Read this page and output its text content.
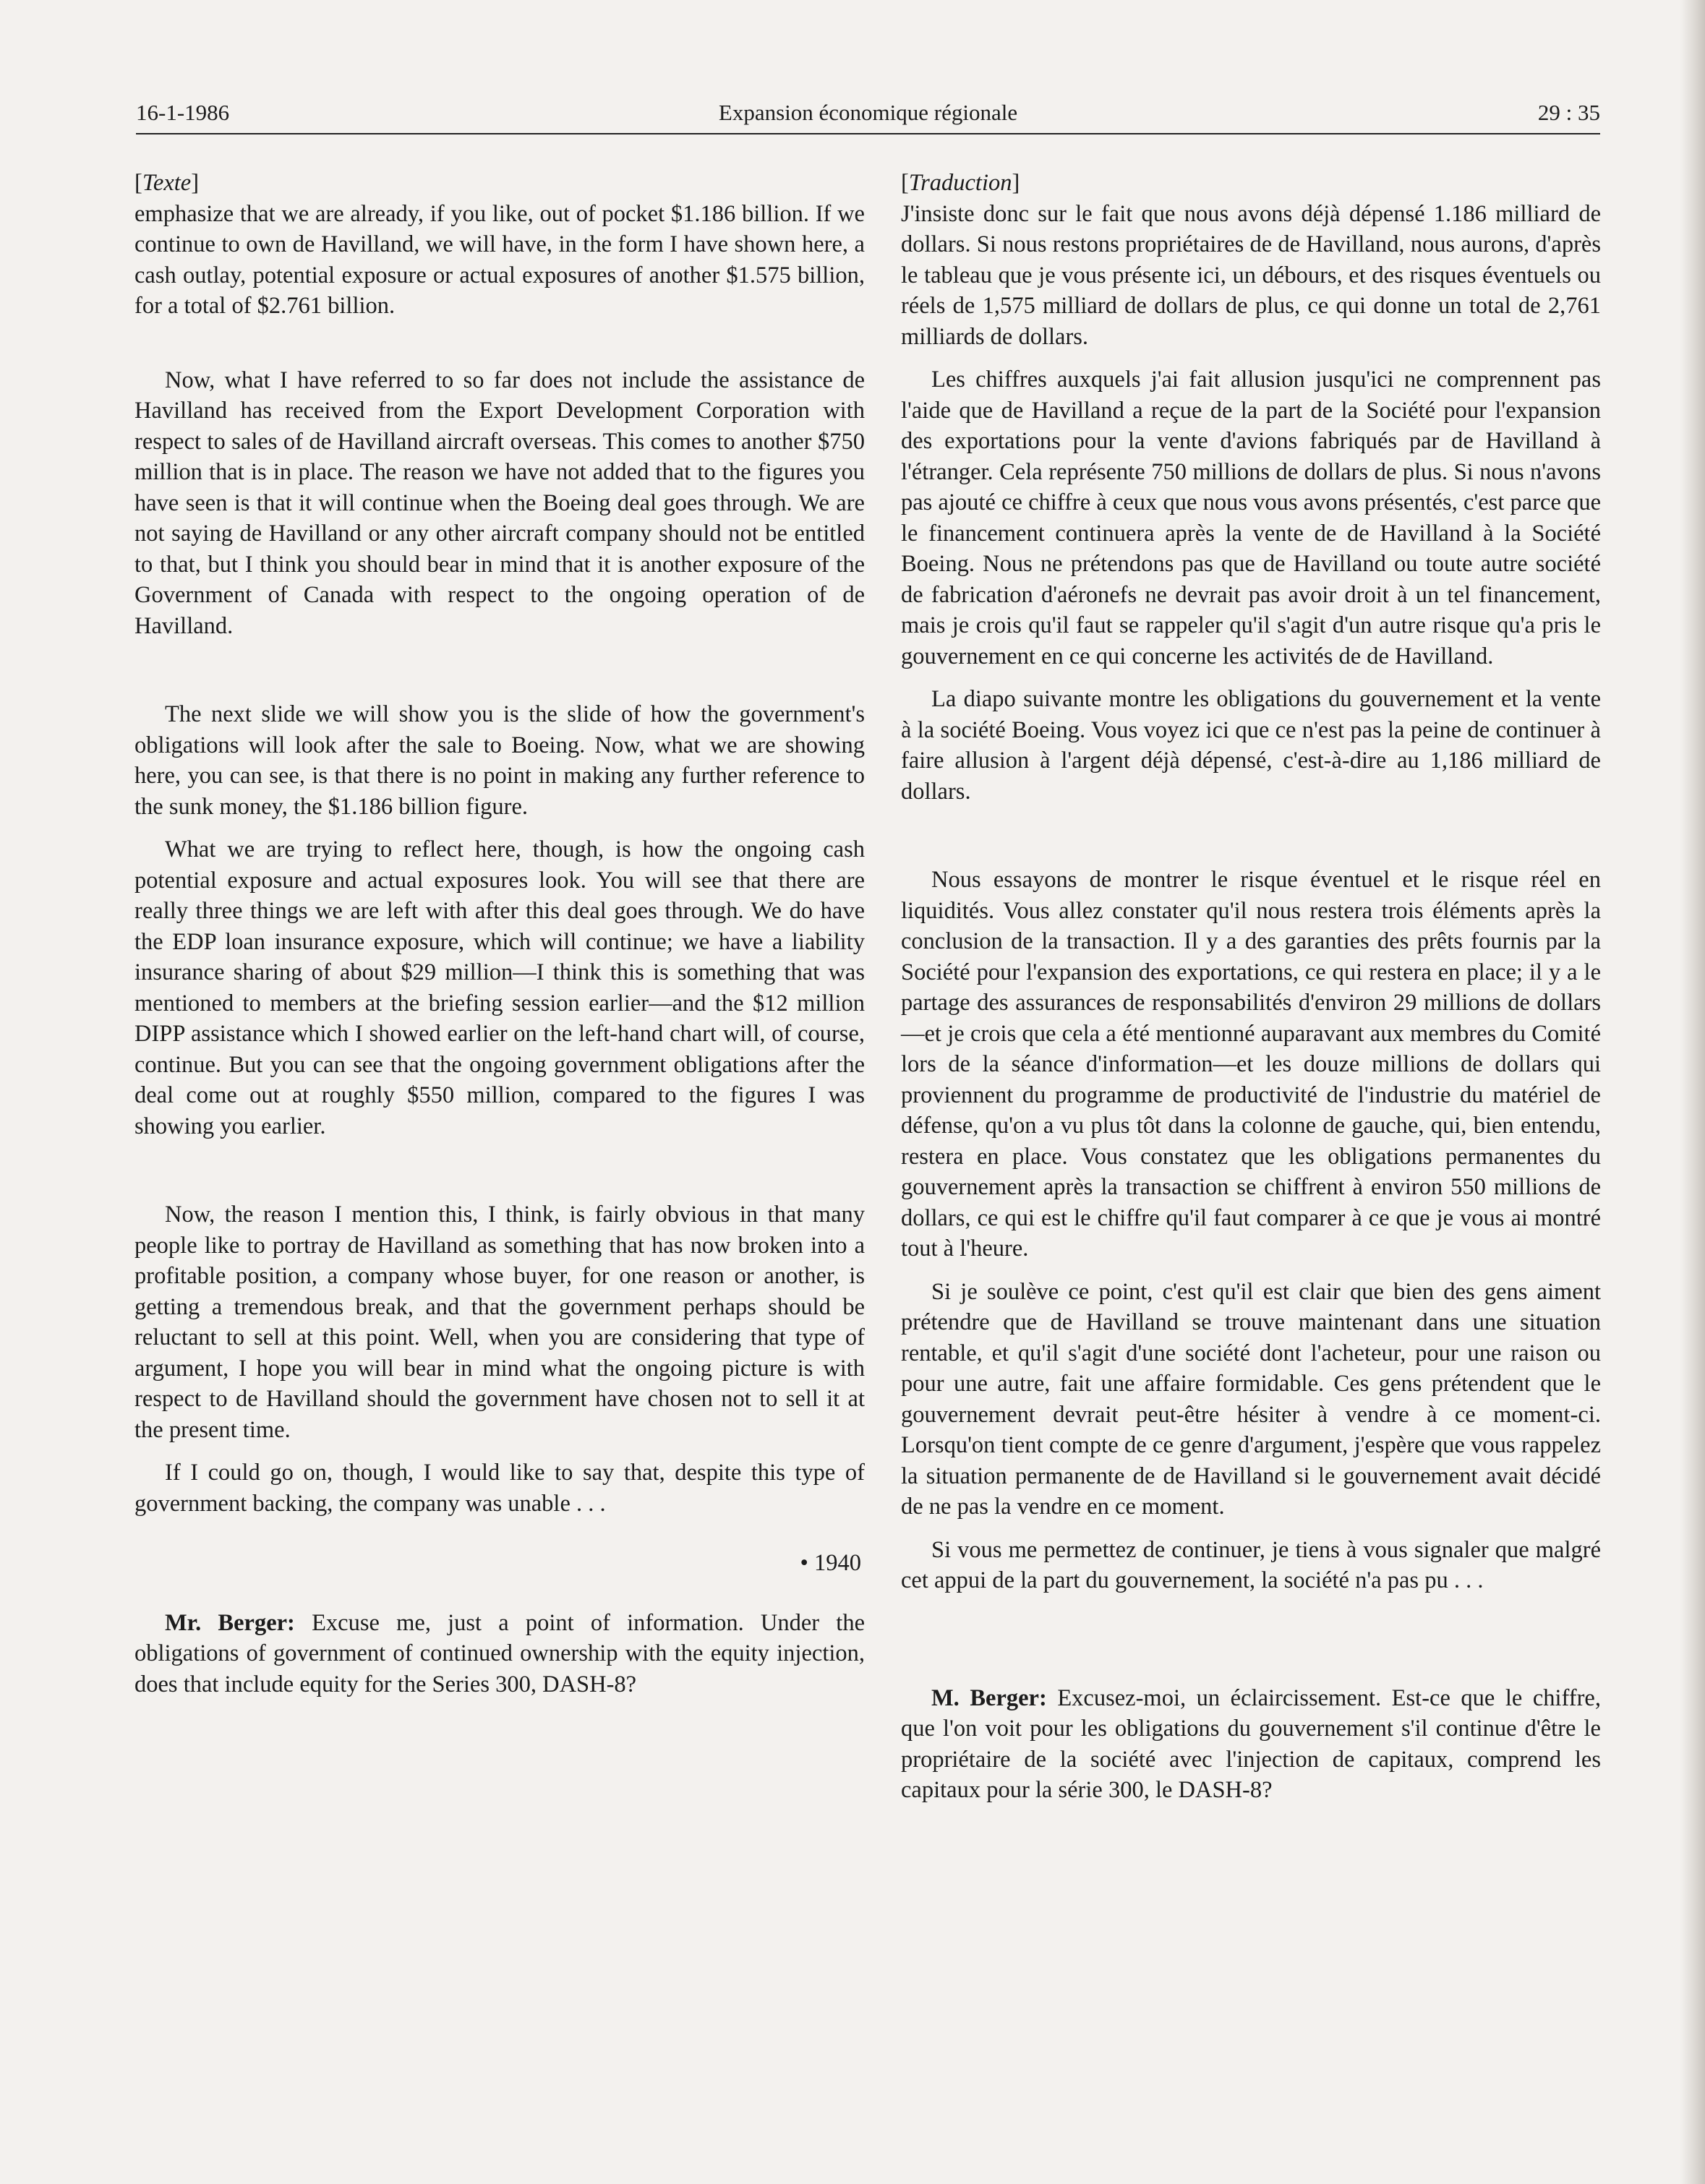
16-1-1986	Expansion économique régionale	29 : 35

[Texte]

emphasize that we are already, if you like, out of pocket $1.186 billion. If we continue to own de Havilland, we will have, in the form I have shown here, a cash outlay, potential exposure or actual exposures of another $1.575 billion, for a total of $2.761 billion.

Now, what I have referred to so far does not include the assistance de Havilland has received from the Export Development Corporation with respect to sales of de Havilland aircraft overseas. This comes to another $750 million that is in place. The reason we have not added that to the figures you have seen is that it will continue when the Boeing deal goes through. We are not saying de Havilland or any other aircraft company should not be entitled to that, but I think you should bear in mind that it is another exposure of the Government of Canada with respect to the ongoing operation of de Havilland.

The next slide we will show you is the slide of how the government's obligations will look after the sale to Boeing. Now, what we are showing here, you can see, is that there is no point in making any further reference to the sunk money, the $1.186 billion figure.

What we are trying to reflect here, though, is how the ongoing cash potential exposure and actual exposures look. You will see that there are really three things we are left with after this deal goes through. We do have the EDP loan insurance exposure, which will continue; we have a liability insurance sharing of about $29 million—I think this is something that was mentioned to members at the briefing session earlier—and the $12 million DIPP assistance which I showed earlier on the left-hand chart will, of course, continue. But you can see that the ongoing government obligations after the deal come out at roughly $550 million, compared to the figures I was showing you earlier.

Now, the reason I mention this, I think, is fairly obvious in that many people like to portray de Havilland as something that has now broken into a profitable position, a company whose buyer, for one reason or another, is getting a tremendous break, and that the government perhaps should be reluctant to sell at this point. Well, when you are considering that type of argument, I hope you will bear in mind what the ongoing picture is with respect to de Havilland should the government have chosen not to sell it at the present time.

If I could go on, though, I would like to say that, despite this type of government backing, the company was unable . . .

• 1940

Mr. Berger: Excuse me, just a point of information. Under the obligations of government of continued ownership with the equity injection, does that include equity for the Series 300, DASH-8?

[Traduction]

J'insiste donc sur le fait que nous avons déjà dépensé 1.186 milliard de dollars. Si nous restons propriétaires de de Havilland, nous aurons, d'après le tableau que je vous présente ici, un débours, et des risques éventuels ou réels de 1,575 milliard de dollars de plus, ce qui donne un total de 2,761 milliards de dollars.

Les chiffres auxquels j'ai fait allusion jusqu'ici ne comprennent pas l'aide que de Havilland a reçue de la part de la Société pour l'expansion des exportations pour la vente d'avions fabriqués par de Havilland à l'étranger. Cela représente 750 millions de dollars de plus. Si nous n'avons pas ajouté ce chiffre à ceux que nous vous avons présentés, c'est parce que le financement continuera après la vente de de Havilland à la Société Boeing. Nous ne prétendons pas que de Havilland ou toute autre société de fabrication d'aéronefs ne devrait pas avoir droit à un tel financement, mais je crois qu'il faut se rappeler qu'il s'agit d'un autre risque qu'a pris le gouvernement en ce qui concerne les activités de de Havilland.

La diapo suivante montre les obligations du gouvernement et la vente à la société Boeing. Vous voyez ici que ce n'est pas la peine de continuer à faire allusion à l'argent déjà dépensé, c'est-à-dire au 1,186 milliard de dollars.

Nous essayons de montrer le risque éventuel et le risque réel en liquidités. Vous allez constater qu'il nous restera trois éléments après la conclusion de la transaction. Il y a des garanties des prêts fournis par la Société pour l'expansion des exportations, ce qui restera en place; il y a le partage des assurances de responsabilités d'environ 29 millions de dollars—et je crois que cela a été mentionné auparavant aux membres du Comité lors de la séance d'information—et les douze millions de dollars qui proviennent du programme de productivité de l'industrie du matériel de défense, qu'on a vu plus tôt dans la colonne de gauche, qui, bien entendu, restera en place. Vous constatez que les obligations permanentes du gouvernement après la transaction se chiffrent à environ 550 millions de dollars, ce qui est le chiffre qu'il faut comparer à ce que je vous ai montré tout à l'heure.

Si je soulève ce point, c'est qu'il est clair que bien des gens aiment prétendre que de Havilland se trouve maintenant dans une situation rentable, et qu'il s'agit d'une société dont l'acheteur, pour une raison ou pour une autre, fait une affaire formidable. Ces gens prétendent que le gouvernement devrait peut-être hésiter à vendre à ce moment-ci. Lorsqu'on tient compte de ce genre d'argument, j'espère que vous rappelez la situation permanente de de Havilland si le gouvernement avait décidé de ne pas la vendre en ce moment.

Si vous me permettez de continuer, je tiens à vous signaler que malgré cet appui de la part du gouvernement, la société n'a pas pu . . .

M. Berger: Excusez-moi, un éclaircissement. Est-ce que le chiffre, que l'on voit pour les obligations du gouvernement s'il continue d'être le propriétaire de la société avec l'injection de capitaux, comprend les capitaux pour la série 300, le DASH-8?
